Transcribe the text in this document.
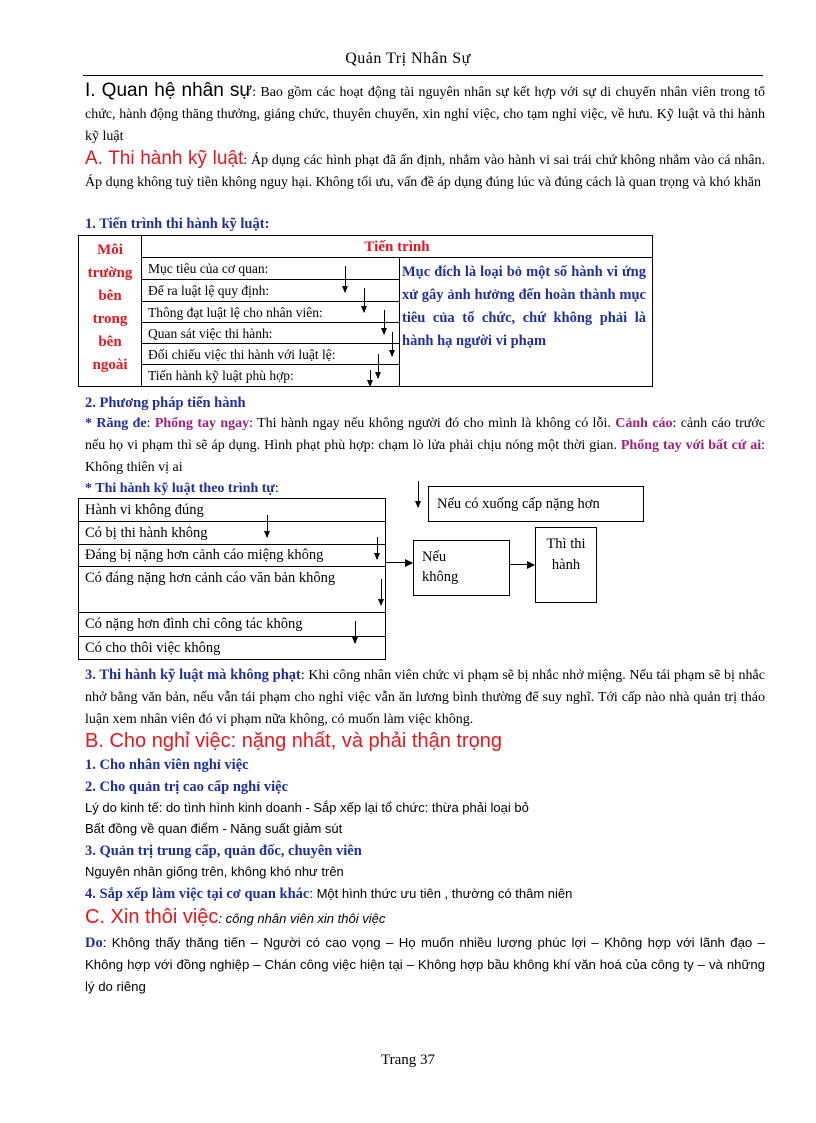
Quản Trị Nhân Sự
I. Quan hệ nhân sự: Bao gồm các hoạt động tài nguyên nhân sự kết hợp với sự di chuyển nhân viên trong tổ chức, hành động thăng thưởng, giáng chức, thuyên chuyển, xin nghỉ việc, cho tạm nghỉ việc, về hưu. Kỹ luật và thi hành kỹ luật
A. Thi hành kỹ luật: Áp dụng các hình phạt đã ấn định, nhắm vào hành vi sai trái chứ không nhắm vào cá nhân. Áp dụng không tuỳ tiền không nguy hại. Không tối ưu, vấn đề áp dụng đúng lúc và đúng cách là quan trọng và khó khăn
1. Tiến trình thi hành kỹ luật:
Môi trường bên trong bên ngoài
Tiến trình
Mục tiêu của cơ quan:
Để ra luật lệ quy định:
Thông đạt luật lệ cho nhân viên:
Quan sát việc thi hành:
Đối chiếu việc thi hành với luật lệ:
Tiến hành kỹ luật phù hợp:
Mục đích là loại bỏ một số hành vi ứng xử gây ảnh hưởng đến hoàn thành mục tiêu của tổ chức, chứ không phải là hành hạ người vi phạm
2. Phương pháp tiến hành
* Răng đe: Phổng tay ngay: Thi hành ngay nếu không người đó cho mình là không có lỗi. Cảnh cáo: cảnh cáo trước nếu họ vi phạm thì sẽ áp dụng. Hình phạt phù hợp: chạm lò lửa phải chịu nóng một thời gian. Phổng tay với bất cứ ai: Không thiên vị ai
* Thi hành kỹ luật theo trình tự:
Hành vi không đúng
Có bị thi hành không
Đáng bị nặng hơn cảnh cáo miệng không
Có đáng nặng hơn cảnh cáo văn bản không
Có nặng hơn đình chỉ công tác không
Có cho thôi việc không
Nếu không
Thì thi hành
Nếu có xuống cấp nặng hơn
3. Thi hành kỹ luật mà không phạt: Khi công nhân viên chức vi phạm sẽ bị nhắc nhở miệng. Nếu tái phạm sẽ bị nhắc nhở bằng văn bản, nếu vẫn tái phạm cho nghỉ việc vẫn ăn lương bình thường để suy nghĩ. Tới cấp nào nhà quản trị thảo luận xem nhân viên đó vi phạm nữa không, có muốn làm việc không.
B. Cho nghỉ việc: nặng nhất, và phải thận trọng
1. Cho nhân viên nghỉ việc
2. Cho quản trị cao cấp nghỉ việc
Lý do kinh tế: do tình hình kinh doanh - Sắp xếp lại tổ chức: thừa phải loại bỏ
Bất đồng về quan điểm - Năng suất giảm sút
3. Quản trị trung cấp, quản đốc, chuyên viên
Nguyên nhân giống trên, không khó như trên
4. Sắp xếp làm việc tại cơ quan khác: Một hình thức ưu tiên , thường có thâm niên
C. Xin thôi việc: công nhân viên xin thôi việc
Do: Không thấy thăng tiến – Người có cao vọng – Họ muốn nhiều lương phúc lợi – Không hợp với lãnh đạo – Không hợp với đồng nghiệp – Chán công việc hiện tại – Không hợp bầu không khí văn hoá của công ty – và những lý do riêng
Trang 37
